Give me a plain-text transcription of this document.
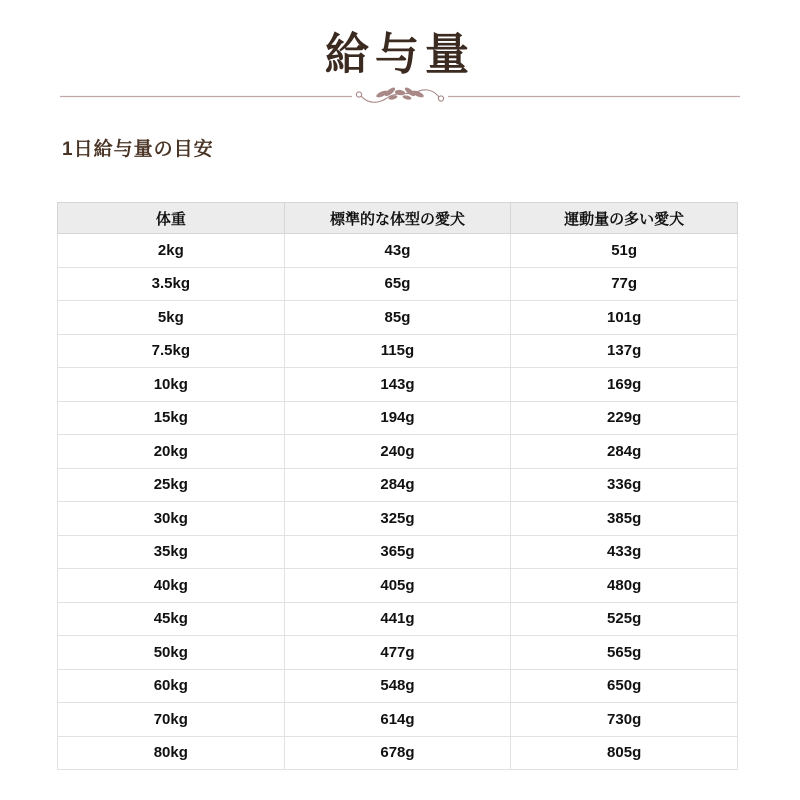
給与量
1日給与量の目安
体重	標準的な体型の愛犬	運動量の多い愛犬
2kg	43g	51g
3.5kg	65g	77g
5kg	85g	101g
7.5kg	115g	137g
10kg	143g	169g
15kg	194g	229g
20kg	240g	284g
25kg	284g	336g
30kg	325g	385g
35kg	365g	433g
40kg	405g	480g
45kg	441g	525g
50kg	477g	565g
60kg	548g	650g
70kg	614g	730g
80kg	678g	805g
